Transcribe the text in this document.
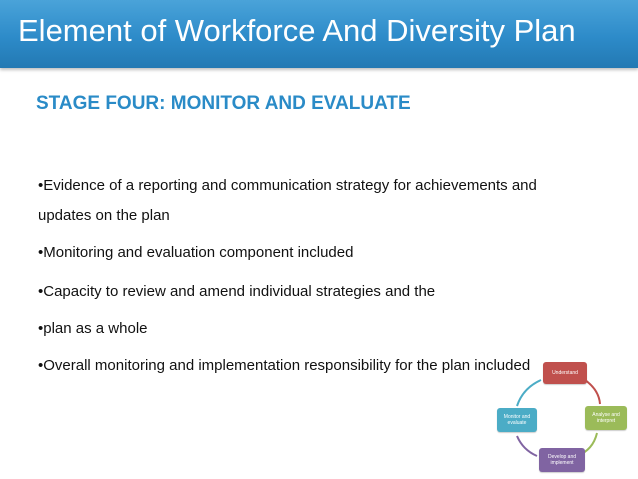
Element of Workforce And Diversity Plan
STAGE FOUR: MONITOR AND EVALUATE
•Evidence of a reporting and communication strategy for achievements and
updates on the plan
•Monitoring and evaluation component included
•Capacity to review and amend individual strategies and the
•plan as a whole
•Overall monitoring and implementation responsibility for the plan included	Understand
Analyse and interpret
Develop and implement
Monitor and evaluate
